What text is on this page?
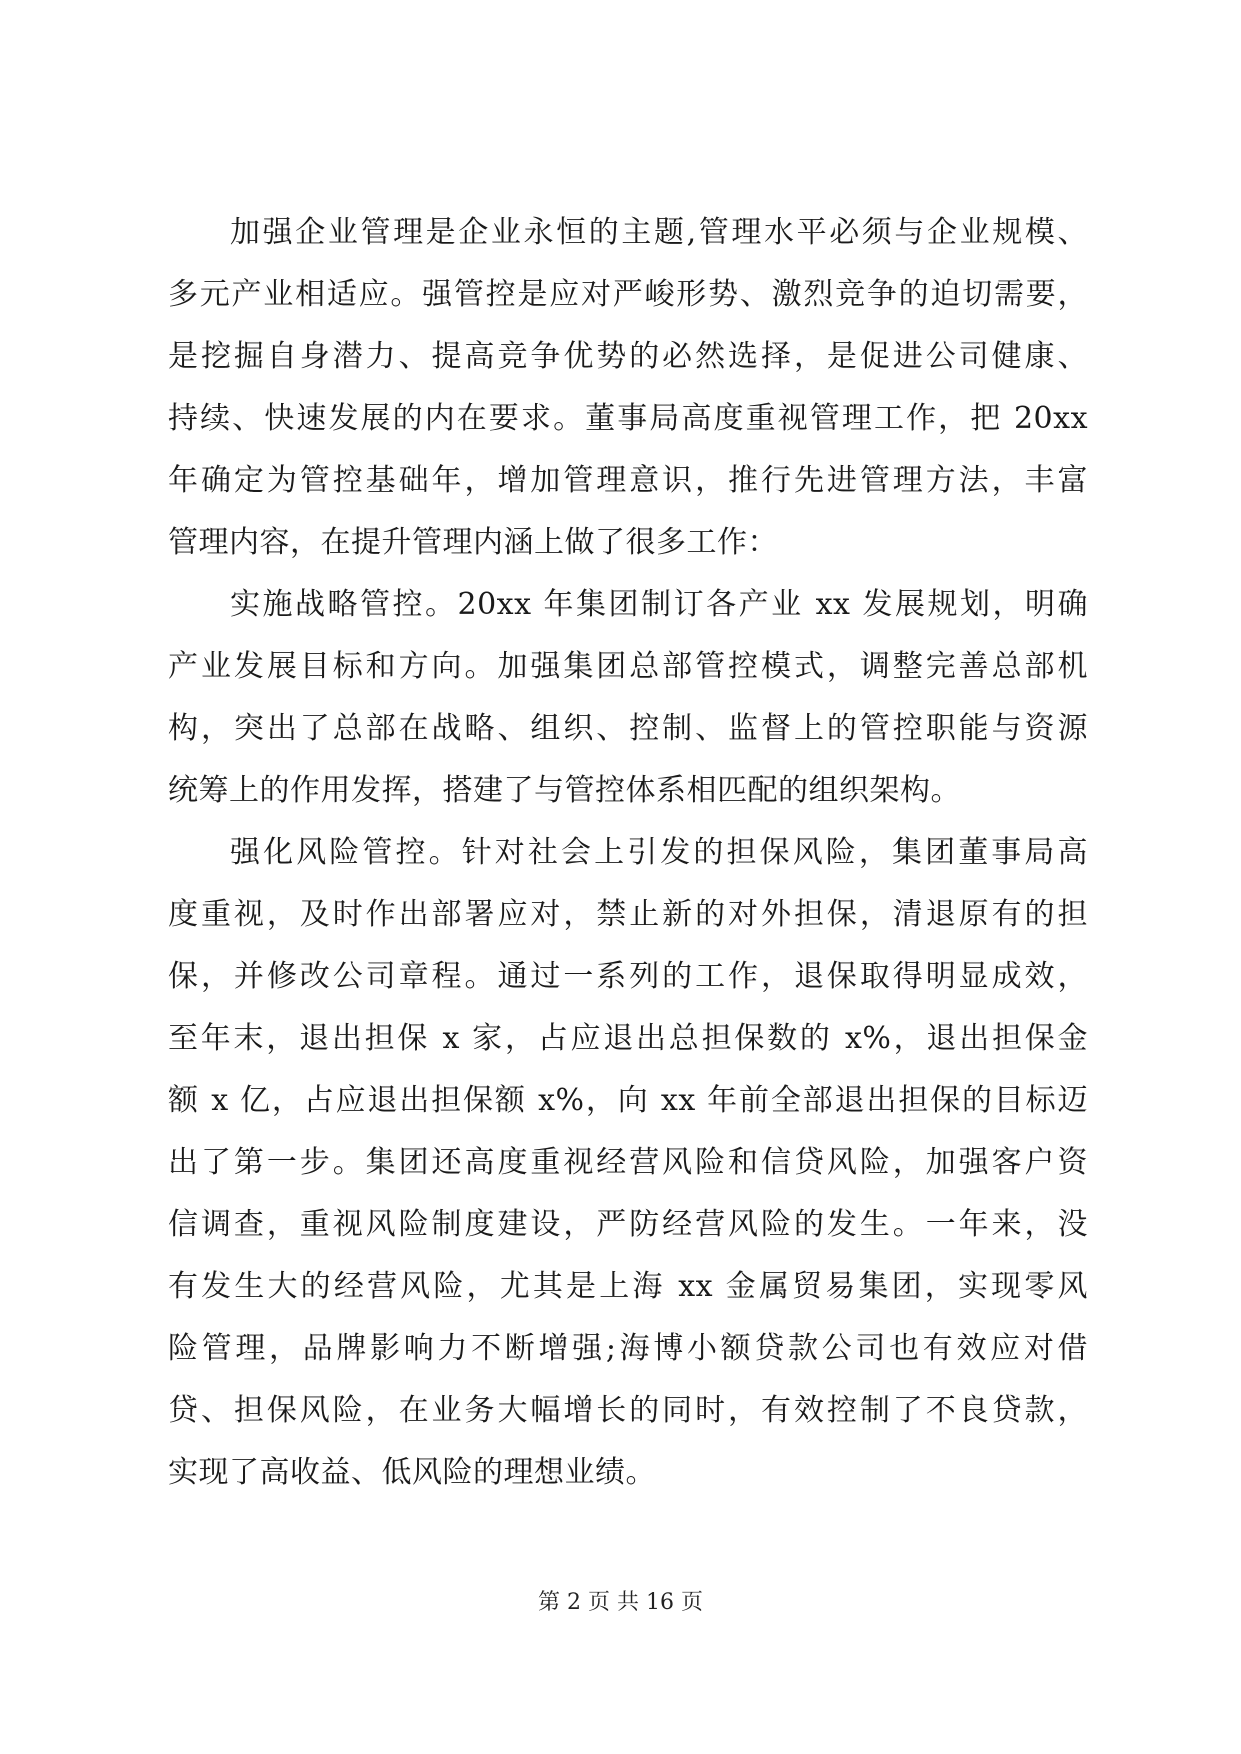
加强企业管理是企业永恒的主题,管理水平必须与企业规模、
多元产业相适应。强管控是应对严峻形势、激烈竞争的迫切需要，
是挖掘自身潜力、提高竞争优势的必然选择，是促进公司健康、
持续、快速发展的内在要求。董事局高度重视管理工作，把 20xx
年确定为管控基础年，增加管理意识，推行先进管理方法，丰富
管理内容，在提升管理内涵上做了很多工作：
实施战略管控。20xx 年集团制订各产业 xx 发展规划，明确
产业发展目标和方向。加强集团总部管控模式，调整完善总部机
构，突出了总部在战略、组织、控制、监督上的管控职能与资源
统筹上的作用发挥，搭建了与管控体系相匹配的组织架构。
强化风险管控。针对社会上引发的担保风险，集团董事局高
度重视，及时作出部署应对，禁止新的对外担保，清退原有的担
保，并修改公司章程。通过一系列的工作，退保取得明显成效，
至年末，退出担保 x 家，占应退出总担保数的 x%，退出担保金
额 x 亿，占应退出担保额 x%，向 xx 年前全部退出担保的目标迈
出了第一步。集团还高度重视经营风险和信贷风险，加强客户资
信调查，重视风险制度建设，严防经营风险的发生。一年来，没
有发生大的经营风险，尤其是上海 xx 金属贸易集团，实现零风
险管理，品牌影响力不断增强;海博小额贷款公司也有效应对借
贷、担保风险，在业务大幅增长的同时，有效控制了不良贷款，
实现了高收益、低风险的理想业绩。
第 2 页 共 16 页
